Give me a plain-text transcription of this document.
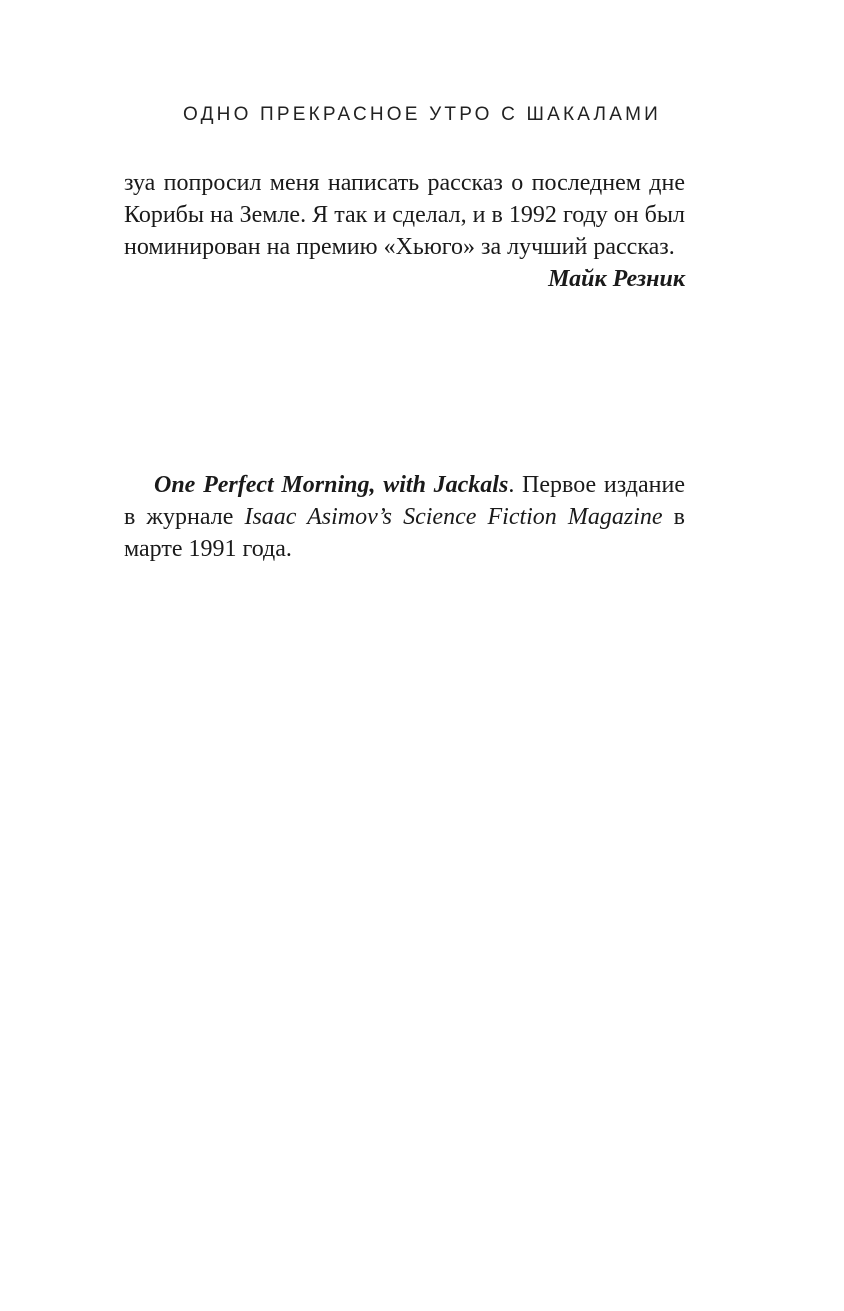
ОДНО ПРЕКРАСНОЕ УТРО С ШАКАЛАМИ

зуа попросил меня написать рассказ о последнем дне Корибы на Земле. Я так и сделал, и в 1992 году он был номинирован на премию «Хьюго» за лучший рассказ.

Майк Резник

One Perfect Morning, with Jackals. Первое издание в журнале Isaac Asimov’s Science Fiction Magazine в марте 1991 года.
